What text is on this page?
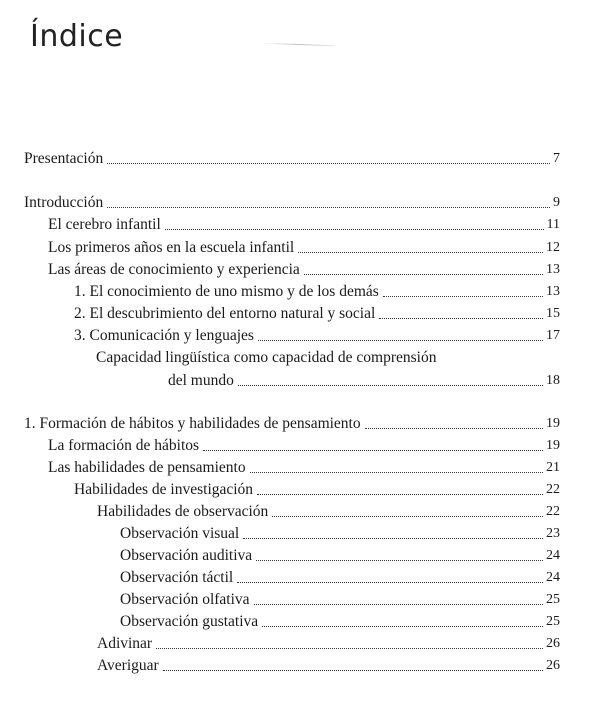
Índice
Presentación	7
Introducción	9
El cerebro infantil	11
Los primeros años en la escuela infantil	12
Las áreas de conocimiento y experiencia	13
1. El conocimiento de uno mismo y de los demás	13
2. El descubrimiento del entorno natural y social	15
3. Comunicación y lenguajes	17
Capacidad lingüística como capacidad de comprensión
del mundo	18
1. Formación de hábitos y habilidades de pensamiento	19
La formación de hábitos	19
Las habilidades de pensamiento	21
Habilidades de investigación	22
Habilidades de observación	22
Observación visual	23
Observación auditiva	24
Observación táctil	24
Observación olfativa	25
Observación gustativa	25
Adivinar	26
Averiguar	26
